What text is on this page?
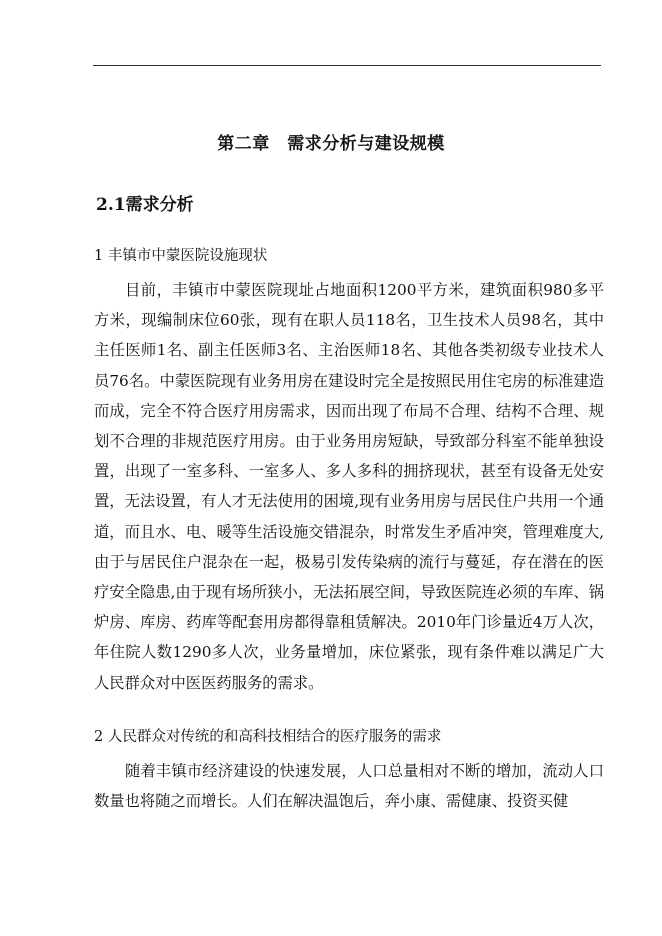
第二章　需求分析与建设规模
2.1需求分析
1 丰镇市中蒙医院设施现状

目前，丰镇市中蒙医院现址占地面积1200平方米，建筑面积980多平方米，现编制床位60张，现有在职人员118名，卫生技术人员98名，其中主任医师1名、副主任医师3名、主治医师18名、其他各类初级专业技术人员76名。中蒙医院现有业务用房在建设时完全是按照民用住宅房的标准建造而成，完全不符合医疗用房需求，因而出现了布局不合理、结构不合理、规划不合理的非规范医疗用房。由于业务用房短缺，导致部分科室不能单独设置，出现了一室多科、一室多人、多人多科的拥挤现状，甚至有设备无处安置，无法设置，有人才无法使用的困境,现有业务用房与居民住户共用一个通道，而且水、电、暖等生活设施交错混杂，时常发生矛盾冲突，管理难度大,由于与居民住户混杂在一起，极易引发传染病的流行与蔓延，存在潜在的医疗安全隐患,由于现有场所狭小，无法拓展空间，导致医院连必须的车库、锅炉房、库房、药库等配套用房都得靠租赁解决。2010年门诊量近4万人次，年住院人数1290多人次，业务量增加，床位紧张，现有条件难以满足广大人民群众对中医医药服务的需求。

2 人民群众对传统的和高科技相结合的医疗服务的需求

随着丰镇市经济建设的快速发展，人口总量相对不断的增加，流动人口数量也将随之而增长。人们在解决温饱后，奔小康、需健康、投资买健
